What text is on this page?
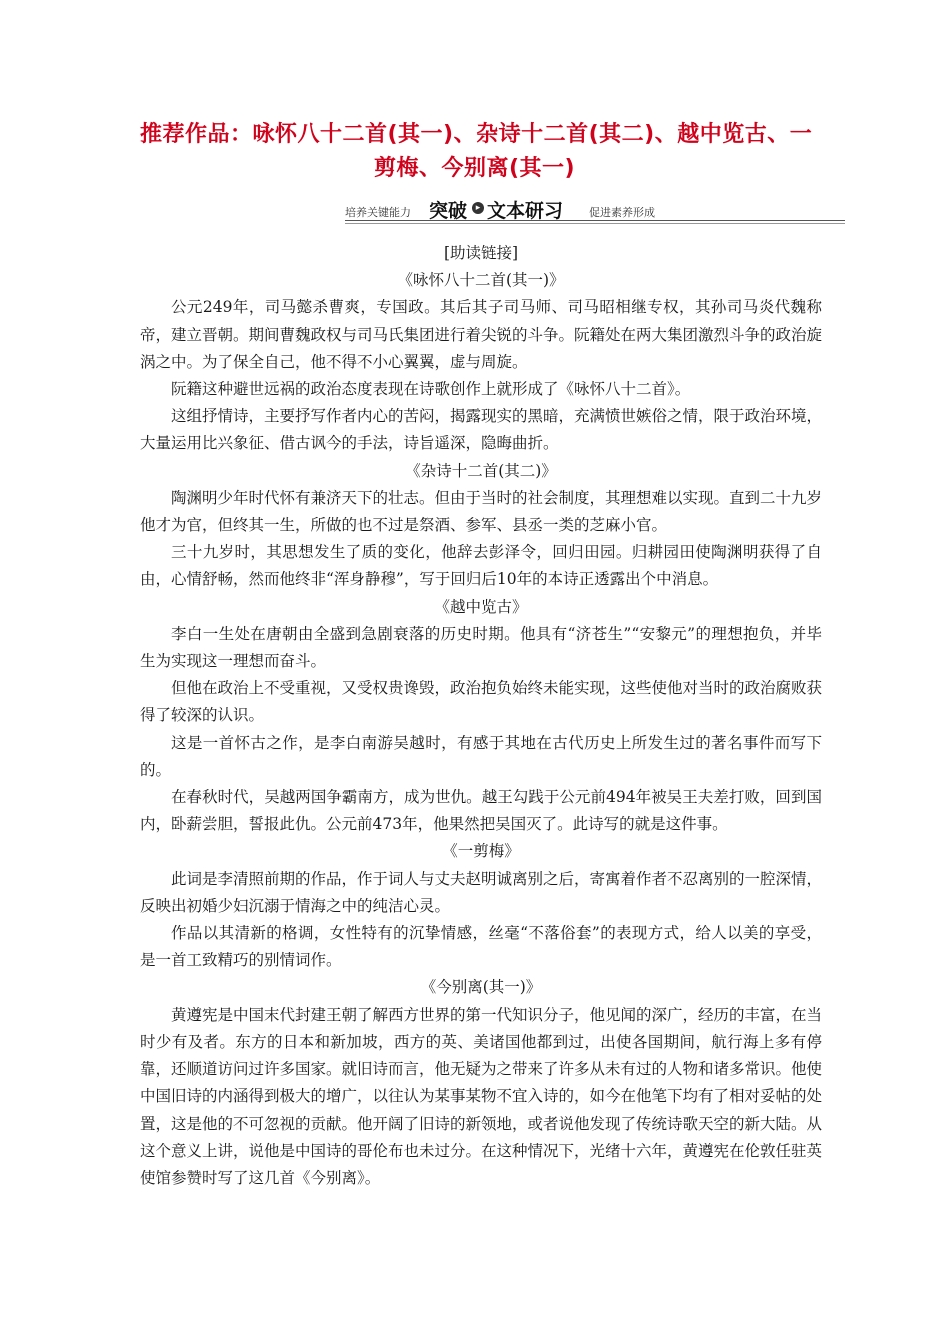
推荐作品：咏怀八十二首(其一)、杂诗十二首(其二)、越中览古、一
剪梅、今别离(其一)
培养关键能力 突破 ▸ 文本研习 促进素养形成
[助读链接]
《咏怀八十二首(其一)》

公元249年，司马懿杀曹爽，专国政。其后其子司马师、司马昭相继专权，其孙司马炎代魏称帝，建立晋朝。期间曹魏政权与司马氏集团进行着尖锐的斗争。阮籍处在两大集团激烈斗争的政治旋涡之中。为了保全自己，他不得不小心翼翼，虚与周旋。

阮籍这种避世远祸的政治态度表现在诗歌创作上就形成了《咏怀八十二首》。

这组抒情诗，主要抒写作者内心的苦闷，揭露现实的黑暗，充满愤世嫉俗之情，限于政治环境，大量运用比兴象征、借古讽今的手法，诗旨遥深，隐晦曲折。

《杂诗十二首(其二)》

陶渊明少年时代怀有兼济天下的壮志。但由于当时的社会制度，其理想难以实现。直到二十九岁他才为官，但终其一生，所做的也不过是祭酒、参军、县丞一类的芝麻小官。

三十九岁时，其思想发生了质的变化，他辞去彭泽令，回归田园。归耕园田使陶渊明获得了自由，心情舒畅，然而他终非“浑身静穆”，写于回归后10年的本诗正透露出个中消息。

《越中览古》

李白一生处在唐朝由全盛到急剧衰落的历史时期。他具有“济苍生”“安黎元”的理想抱负，并毕生为实现这一理想而奋斗。

但他在政治上不受重视，又受权贵谗毁，政治抱负始终未能实现，这些使他对当时的政治腐败获得了较深的认识。

这是一首怀古之作，是李白南游吴越时，有感于其地在古代历史上所发生过的著名事件而写下的。

在春秋时代，吴越两国争霸南方，成为世仇。越王勾践于公元前494年被吴王夫差打败，回到国内，卧薪尝胆，誓报此仇。公元前473年，他果然把吴国灭了。此诗写的就是这件事。

《一剪梅》

此词是李清照前期的作品，作于词人与丈夫赵明诚离别之后，寄寓着作者不忍离别的一腔深情，反映出初婚少妇沉溺于情海之中的纯洁心灵。

作品以其清新的格调，女性特有的沉挚情感，丝毫“不落俗套”的表现方式，给人以美的享受，是一首工致精巧的别情词作。

《今别离(其一)》

黄遵宪是中国末代封建王朝了解西方世界的第一代知识分子，他见闻的深广，经历的丰富，在当时少有及者。东方的日本和新加坡，西方的英、美诸国他都到过，出使各国期间，航行海上多有停靠，还顺道访问过许多国家。就旧诗而言，他无疑为之带来了许多从未有过的人物和诸多常识。他使中国旧诗的内涵得到极大的增广，以往认为某事某物不宜入诗的，如今在他笔下均有了相对妥帖的处置，这是他的不可忽视的贡献。他开阔了旧诗的新领地，或者说他发现了传统诗歌天空的新大陆。从这个意义上讲，说他是中国诗的哥伦布也未过分。在这种情况下，光绪十六年，黄遵宪在伦敦任驻英使馆参赞时写了这几首《今别离》。
